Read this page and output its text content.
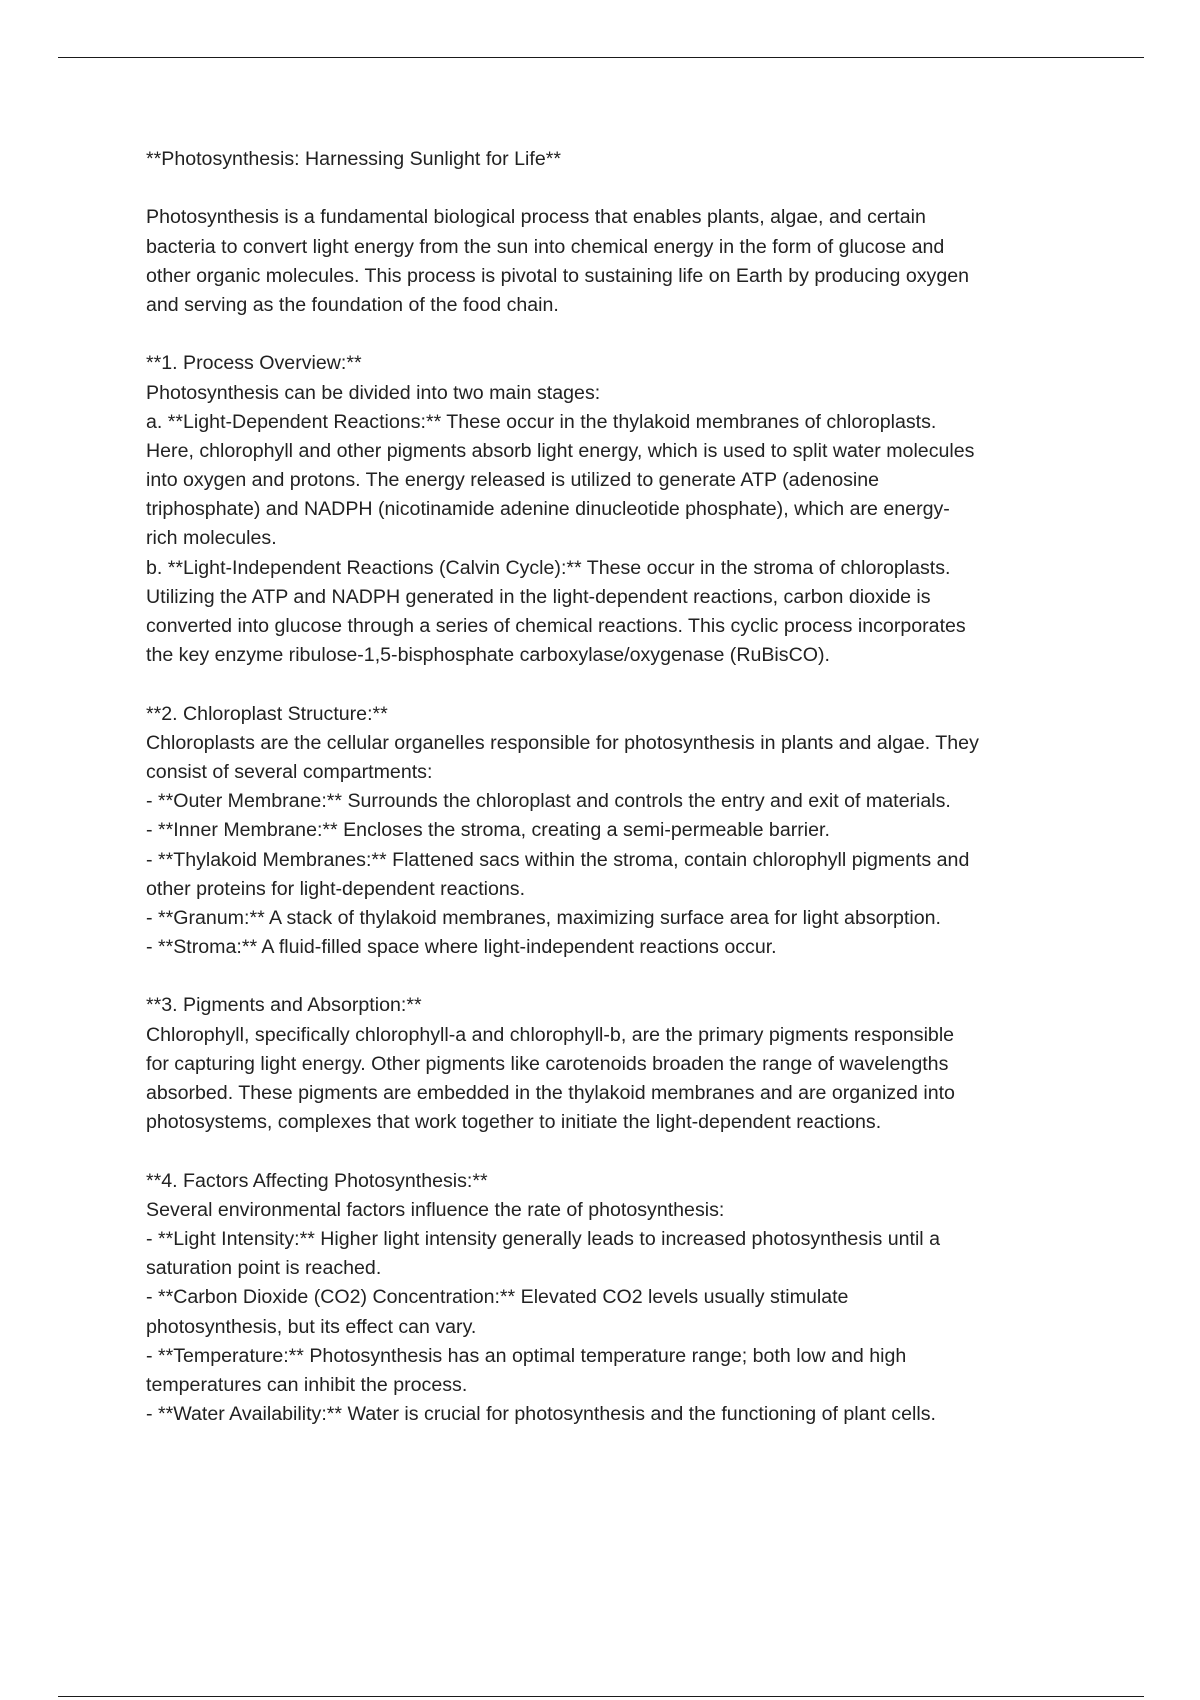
**Photosynthesis: Harnessing Sunlight for Life**
Photosynthesis is a fundamental biological process that enables plants, algae, and certain
bacteria to convert light energy from the sun into chemical energy in the form of glucose and
other organic molecules. This process is pivotal to sustaining life on Earth by producing oxygen
and serving as the foundation of the food chain.
**1. Process Overview:**
Photosynthesis can be divided into two main stages:
a. **Light-Dependent Reactions:** These occur in the thylakoid membranes of chloroplasts.
Here, chlorophyll and other pigments absorb light energy, which is used to split water molecules
into oxygen and protons. The energy released is utilized to generate ATP (adenosine
triphosphate) and NADPH (nicotinamide adenine dinucleotide phosphate), which are energy-
rich molecules.
b. **Light-Independent Reactions (Calvin Cycle):** These occur in the stroma of chloroplasts.
Utilizing the ATP and NADPH generated in the light-dependent reactions, carbon dioxide is
converted into glucose through a series of chemical reactions. This cyclic process incorporates
the key enzyme ribulose-1,5-bisphosphate carboxylase/oxygenase (RuBisCO).
**2. Chloroplast Structure:**
Chloroplasts are the cellular organelles responsible for photosynthesis in plants and algae. They
consist of several compartments:
- **Outer Membrane:** Surrounds the chloroplast and controls the entry and exit of materials.
- **Inner Membrane:** Encloses the stroma, creating a semi-permeable barrier.
- **Thylakoid Membranes:** Flattened sacs within the stroma, contain chlorophyll pigments and
other proteins for light-dependent reactions.
- **Granum:** A stack of thylakoid membranes, maximizing surface area for light absorption.
- **Stroma:** A fluid-filled space where light-independent reactions occur.
**3. Pigments and Absorption:**
Chlorophyll, specifically chlorophyll-a and chlorophyll-b, are the primary pigments responsible
for capturing light energy. Other pigments like carotenoids broaden the range of wavelengths
absorbed. These pigments are embedded in the thylakoid membranes and are organized into
photosystems, complexes that work together to initiate the light-dependent reactions.
**4. Factors Affecting Photosynthesis:**
Several environmental factors influence the rate of photosynthesis:
- **Light Intensity:** Higher light intensity generally leads to increased photosynthesis until a
saturation point is reached.
- **Carbon Dioxide (CO2) Concentration:** Elevated CO2 levels usually stimulate
photosynthesis, but its effect can vary.
- **Temperature:** Photosynthesis has an optimal temperature range; both low and high
temperatures can inhibit the process.
- **Water Availability:** Water is crucial for photosynthesis and the functioning of plant cells.
